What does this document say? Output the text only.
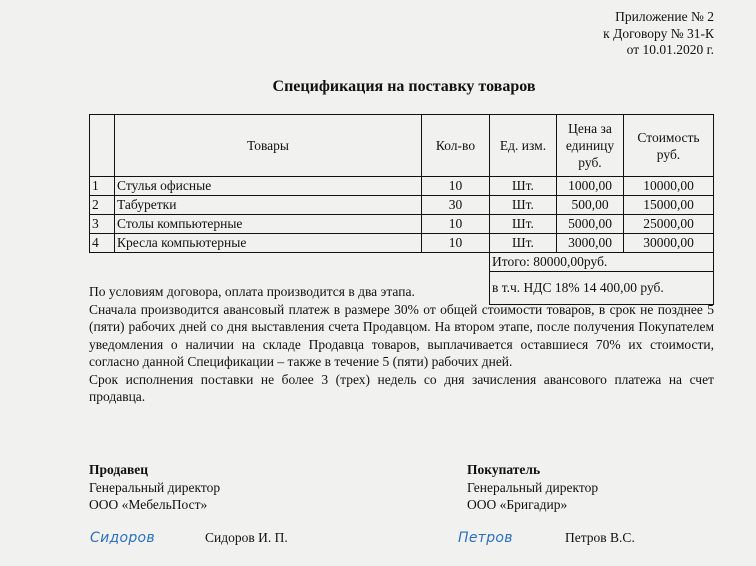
Приложение № 2
к Договору № 31-К
от 10.01.2020 г.
Спецификация на поставку товаров
	Товары	Кол-во	Ед. изм.	Цена за единицу руб.	Стоимость руб.
1	Стулья офисные	10	Шт.	1000,00	10000,00
2	Табуретки	30	Шт.	500,00	15000,00
3	Столы компьютерные	10	Шт.	5000,00	25000,00
4	Кресла компьютерные	10	Шт.	3000,00	30000,00
			Итого: 80000,00руб.		
			в т.ч. НДС 18% 14 400,00 руб.		

По условиям договора, оплата производится в два этапа.

Сначала производится авансовый платеж в размере 30% от общей стоимости товаров, в срок не позднее 5 (пяти) рабочих дней со дня выставления счета Продавцом. На втором этапе, после получения Покупателем уведомления о наличии на складе Продавца товаров, выплачивается оставшиеся 70% их стоимости, согласно данной Спецификации – также в течение 5 (пяти) рабочих дней.

Срок исполнения поставки не более 3 (трех) недель со дня зачисления авансового платежа на счет продавца.

Продавец
Генеральный директор
ООО «МебельПост»
Покупатель
Генеральный директор
ООО «Бригадир»
Сидоров	Сидоров И. П.	Петров	Петров В.С.
